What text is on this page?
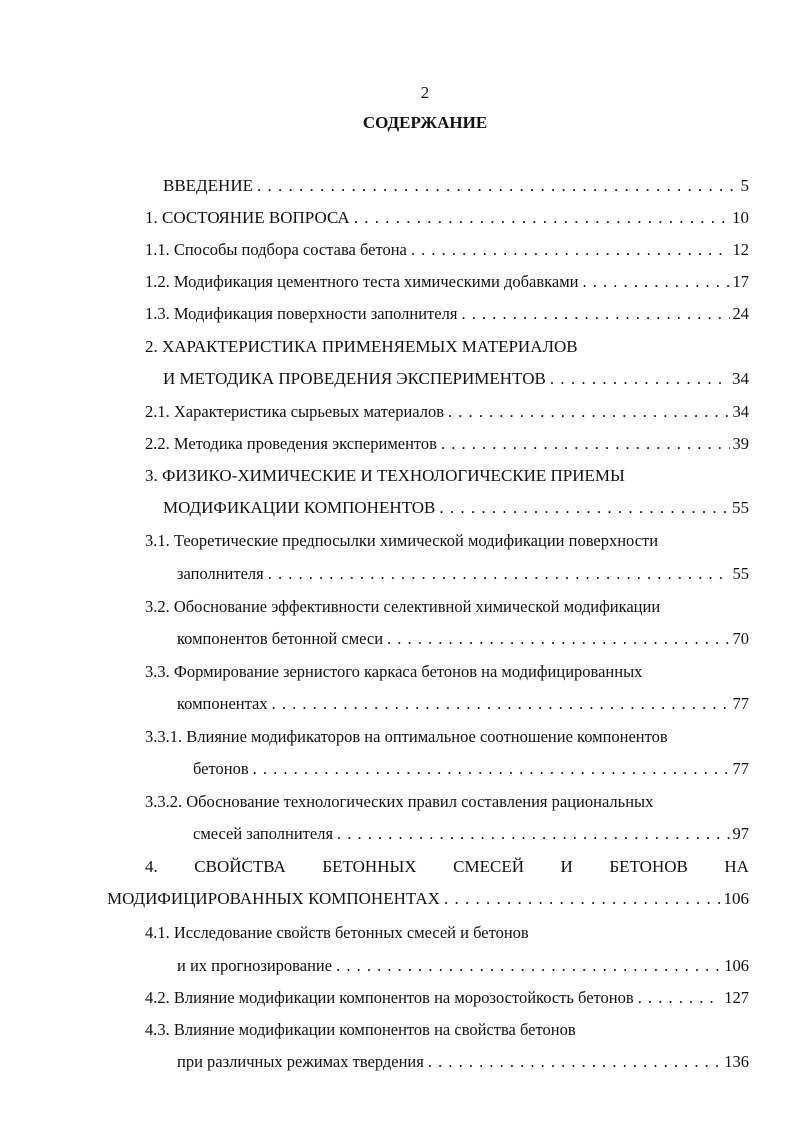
2
СОДЕРЖАНИЕ
ВВЕДЕНИЕ . . .	5
1. СОСТОЯНИЕ ВОПРОСА . . .	10
1.1. Способы подбора состава бетона . . .	12
1.2. Модификация цементного теста химическими добавками . . .	17
1.3. Модификация поверхности заполнителя . . .	24
2. ХАРАКТЕРИСТИКА ПРИМЕНЯЕМЫХ МАТЕРИАЛОВ
И МЕТОДИКА ПРОВЕДЕНИЯ ЭКСПЕРИМЕНТОВ . . .	34
2.1. Характеристика сырьевых материалов . . .	34
2.2. Методика проведения экспериментов . . .	39
3. ФИЗИКО-ХИМИЧЕСКИЕ И ТЕХНОЛОГИЧЕСКИЕ ПРИЕМЫ
МОДИФИКАЦИИ КОМПОНЕНТОВ . . .	55
3.1. Теоретические предпосылки химической модификации поверхности
заполнителя . . .	55
3.2. Обоснование эффективности селективной химической модификации
компонентов бетонной смеси . . .	70
3.3. Формирование зернистого каркаса бетонов на модифицированных
компонентах . . .	77
3.3.1. Влияние модификаторов на оптимальное соотношение компонентов
бетонов . . .	77
3.3.2. Обоснование технологических правил составления рациональных
смесей заполнителя . . .	97
4. СВОЙСТВА БЕТОННЫХ СМЕСЕЙ И БЕТОНОВ НА
МОДИФИЦИРОВАННЫХ КОМПОНЕНТАХ . . .	106
4.1. Исследование свойств бетонных смесей и бетонов
и их прогнозирование . . .	106
4.2. Влияние модификации компонентов на морозостойкость бетонов . . .	127
4.3. Влияние модификации компонентов на свойства бетонов
при различных режимах твердения . . .	136
